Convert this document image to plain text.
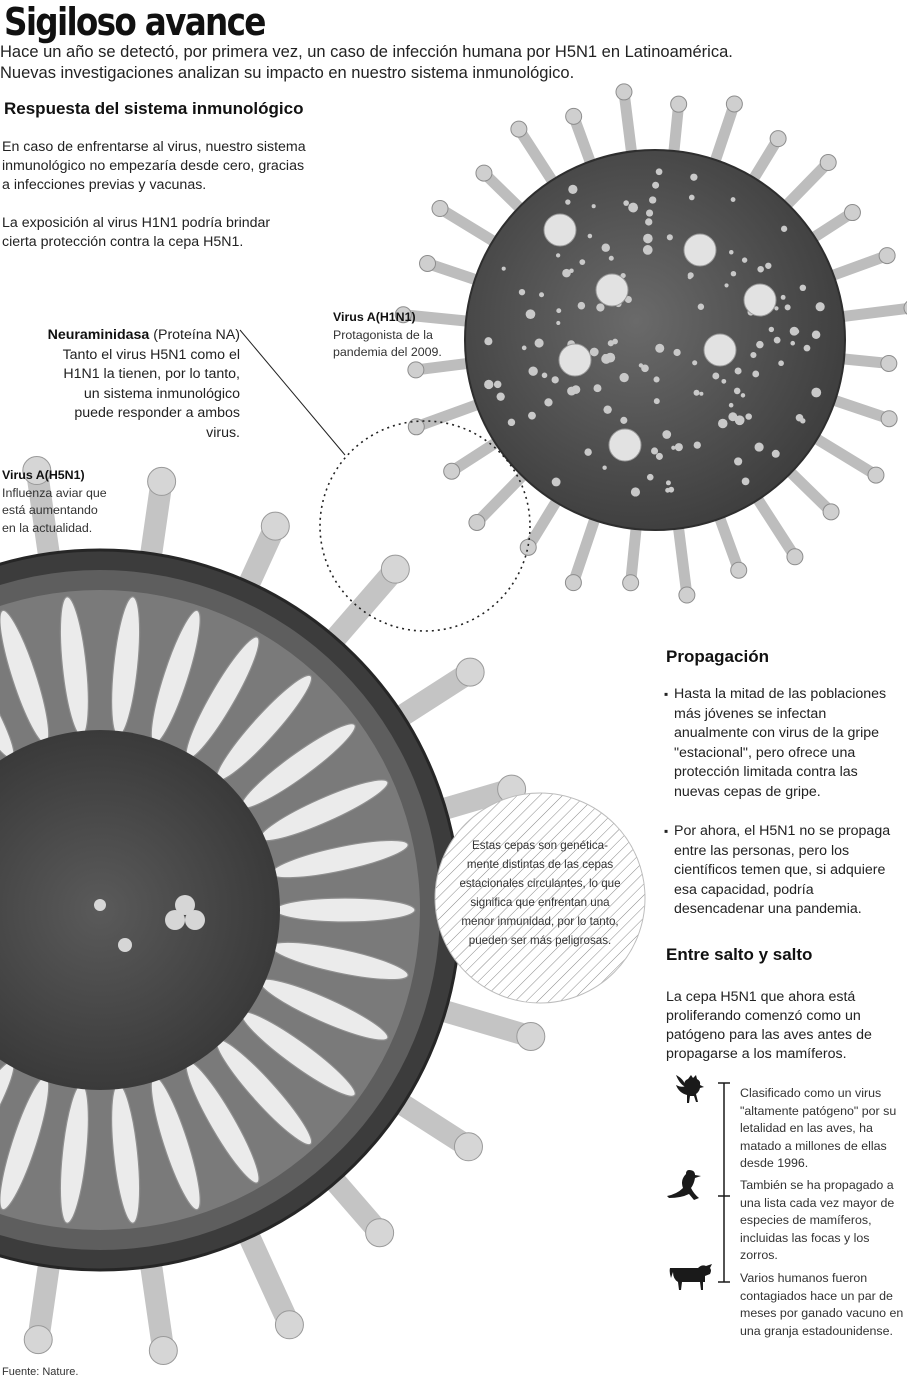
Sigiloso avance
Hace un año se detectó, por primera vez, un caso de infección humana por H5N1 en Latinoamérica.
Nuevas investigaciones analizan su impacto en nuestro sistema inmunológico.
Respuesta del sistema inmunológico

En caso de enfrentarse al virus, nuestro sistema inmunológico no empezaría desde cero, gracias a infecciones previas y vacunas.

La exposición al virus H1N1 podría brindar cierta protección contra la cepa H5N1.

Neuraminidasa (Proteína NA) Tanto el virus H5N1 como el H1N1 la tienen, por lo tanto, un sistema inmunológico puede responder a ambos virus.

Virus A(H1N1)

Protagonista de la pandemia del 2009.

Virus A(H5N1)

Influenza aviar que está aumentando en la actualidad.

Estas cepas son genética- mente distintas de las cepas estacionales circulantes, lo que significa que enfrentan una menor inmunidad, por lo tanto, pueden ser más peligrosas.

Propagación
▪ Hasta la mitad de las poblaciones más jóvenes se infectan anualmente con virus de la gripe "estacional", pero ofrece una protección limitada contra las nuevas cepas de gripe.
▪ Por ahora, el H5N1 no se propaga entre las personas, pero los científicos temen que, si adquiere esa capacidad, podría desencadenar una pandemia.
Entre salto y salto

La cepa H5N1 que ahora está proliferando comenzó como un patógeno para las aves antes de propagarse a los mamíferos.

Clasificado como un virus "altamente patógeno" por su letalidad en las aves, ha matado a millones de ellas desde 1996.
También se ha propagado a una lista cada vez mayor de especies de mamíferos, incluidas las focas y los zorros.
Varios humanos fueron contagiados hace un par de meses por ganado vacuno en una granja estadounidense.
Fuente: Nature.
